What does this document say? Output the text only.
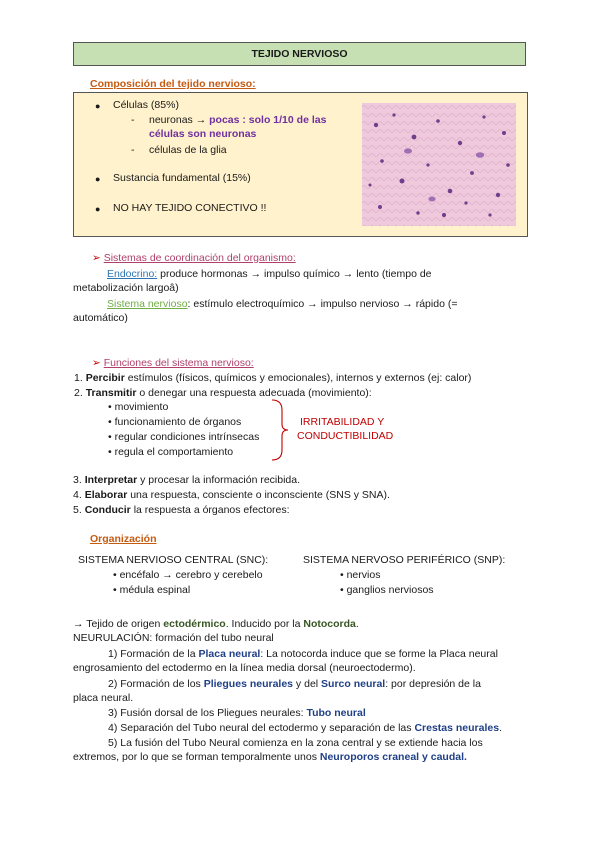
TEJIDO NERVIOSO
Composición del tejido nervioso:
● Células (85%)
- neuronas → pocas : solo 1/10 de las
células son neuronas
- células de la glia
● Sustancia fundamental (15%)
● NO HAY TEJIDO CONECTIVO !!
➢ Sistemas de coordinación del organismo:
Endocrino: produce hormonas → impulso químico → lento (tiempo de
metabolización largoâ)
Sistema nervioso: estímulo electroquímico → impulso nervioso → rápido (=
automático)
➢ Funciones del sistema nervioso:
1. Percibir estímulos (físicos, químicos y emocionales), internos y externos (ej: calor)
2. Transmitir o denegar una respuesta adecuada (movimiento):
• movimiento
• funcionamiento de órganos
• regular condiciones intrínsecas
• regula el comportamiento
IRRITABILIDAD Y
CONDUCTIBILIDAD
3. Interpretar y procesar la información recibida.
4. Elaborar una respuesta, consciente o inconsciente (SNS y SNA).
5. Conducir la respuesta a órganos efectores:
Organización
SISTEMA NERVIOSO CENTRAL (SNC):
• encéfalo → cerebro y cerebelo
• médula espinal
SISTEMA NERVOSO PERIFÉRICO (SNP):
• nervios
• ganglios nerviosos
→ Tejido de origen ectodérmico. Inducido por la Notocorda.
NEURULACIÓN: formación del tubo neural
1) Formación de la Placa neural: La notocorda induce que se forme la Placa neural
engrosamiento del ectodermo en la línea media dorsal (neuroectodermo).
2) Formación de los Pliegues neurales y del Surco neural: por depresión de la
placa neural.
3) Fusión dorsal de los Pliegues neurales: Tubo neural
4) Separación del Tubo neural del ectodermo y separación de las Crestas neurales.
5) La fusión del Tubo Neural comienza en la zona central y se extiende hacia los
extremos, por lo que se forman temporalmente unos Neuroporos craneal y caudal.
